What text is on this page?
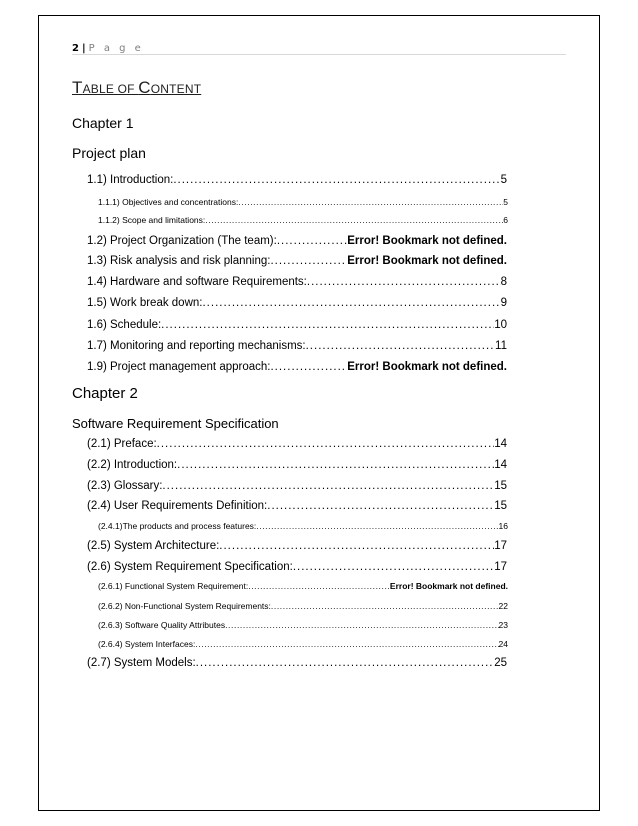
2 | P a g e
TABLE OF CONTENT
Chapter 1
Project plan
1.1) Introduction: .....	5
1.1.1) Objectives and concentrations: .....	5
1.1.2) Scope and limitations: .....	6
1.2) Project Organization (The team): .....	Error! Bookmark not defined.
1.3) Risk analysis and risk planning: .....	Error! Bookmark not defined.
1.4) Hardware and software Requirements: .....	8
1.5) Work break down: .....	9
1.6) Schedule: .....	10
1.7) Monitoring and reporting mechanisms: .....	11
1.9) Project management approach: .....	Error! Bookmark not defined.
Chapter 2
Software Requirement Specification
(2.1) Preface: .....	14
(2.2) Introduction: .....	14
(2.3) Glossary: .....	15
(2.4) User Requirements Definition: .....	15
(2.4.1)The products and process features: .....	16
(2.5) System Architecture: .....	17
(2.6) System Requirement Specification: .....	17
(2.6.1) Functional System Requirement: .....	Error! Bookmark not defined.
(2.6.2) Non-Functional System Requirements: .....	22
(2.6.3) Software Quality Attributes .....	23
(2.6.4) System Interfaces: .....	24
(2.7) System Models: .....	25
